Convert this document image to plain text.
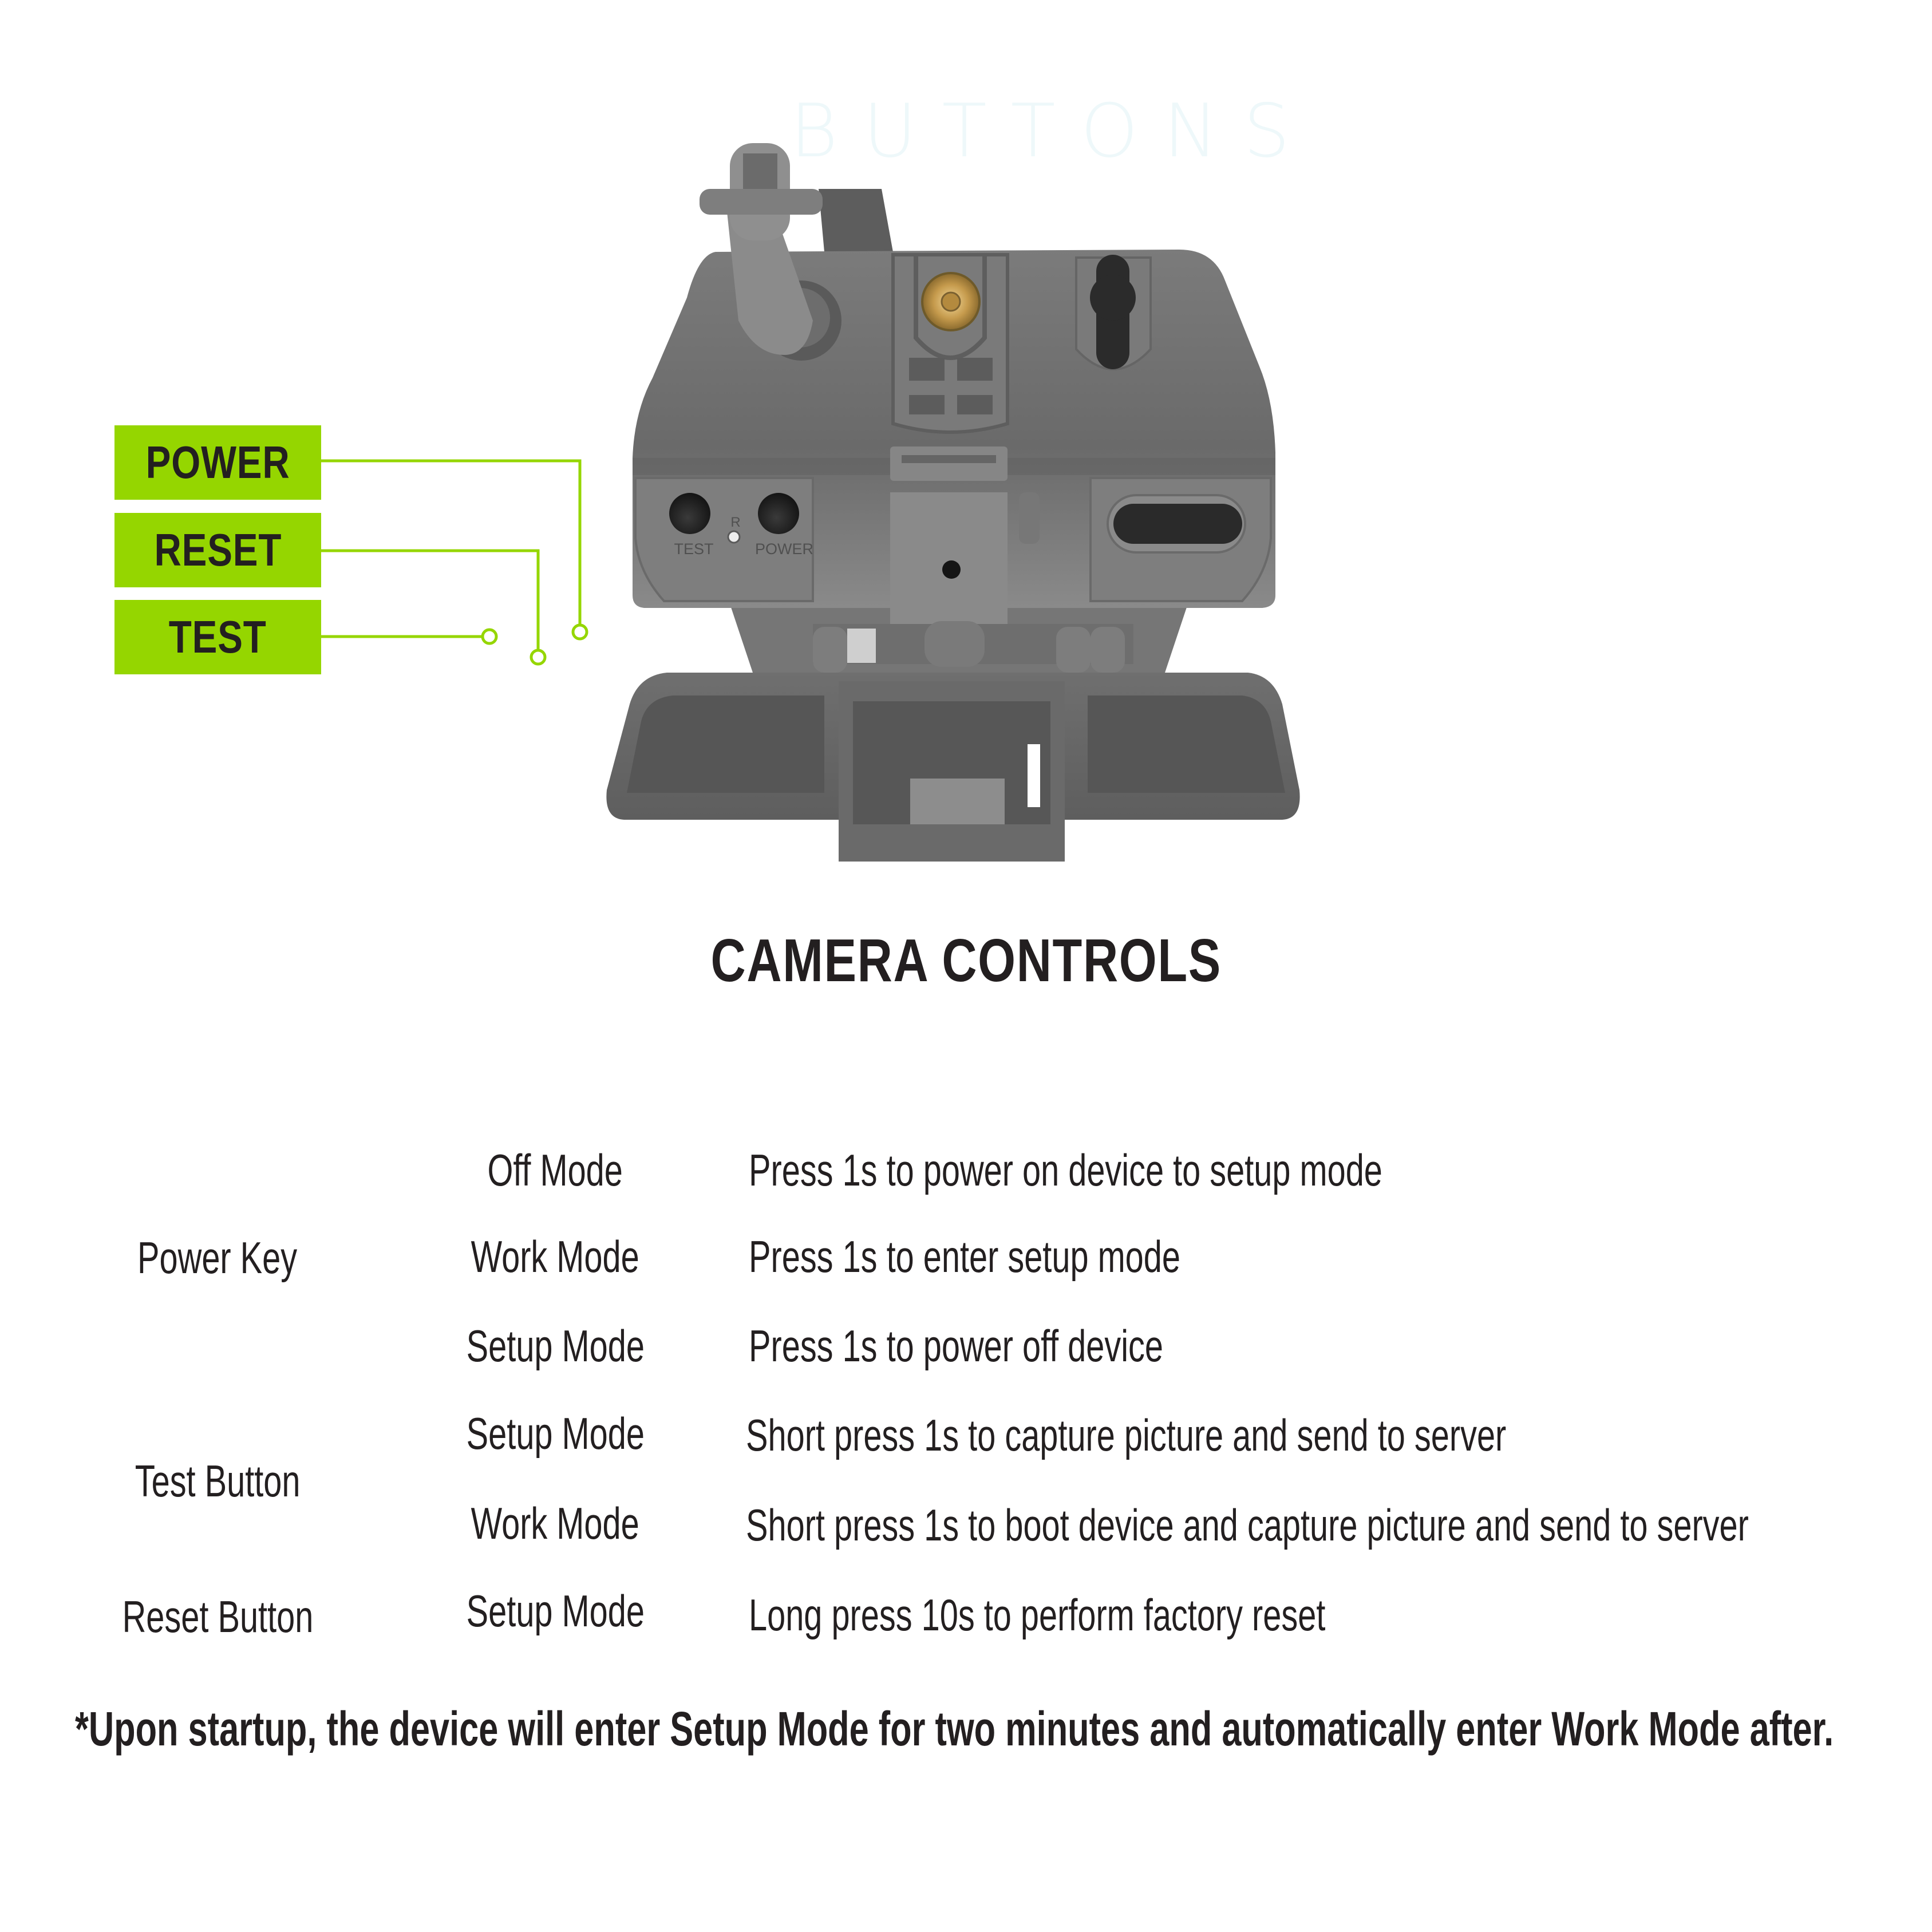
BUTTONS
TEST	POWER
R
POWER
RESET
TEST
CAMERA CONTROLS
Power Key
Test Button
Reset Button
Off Mode
Work Mode
Setup Mode
Setup Mode
Work Mode
Setup Mode
Press 1s to power on device to setup mode
Press 1s to enter setup mode
Press 1s to power off device
Short press 1s to capture picture and send to server
Short press 1s to boot device and capture picture and send to server
Long press 10s to perform factory reset
*Upon startup, the device will enter Setup Mode for two minutes and automatically enter Work Mode after.
